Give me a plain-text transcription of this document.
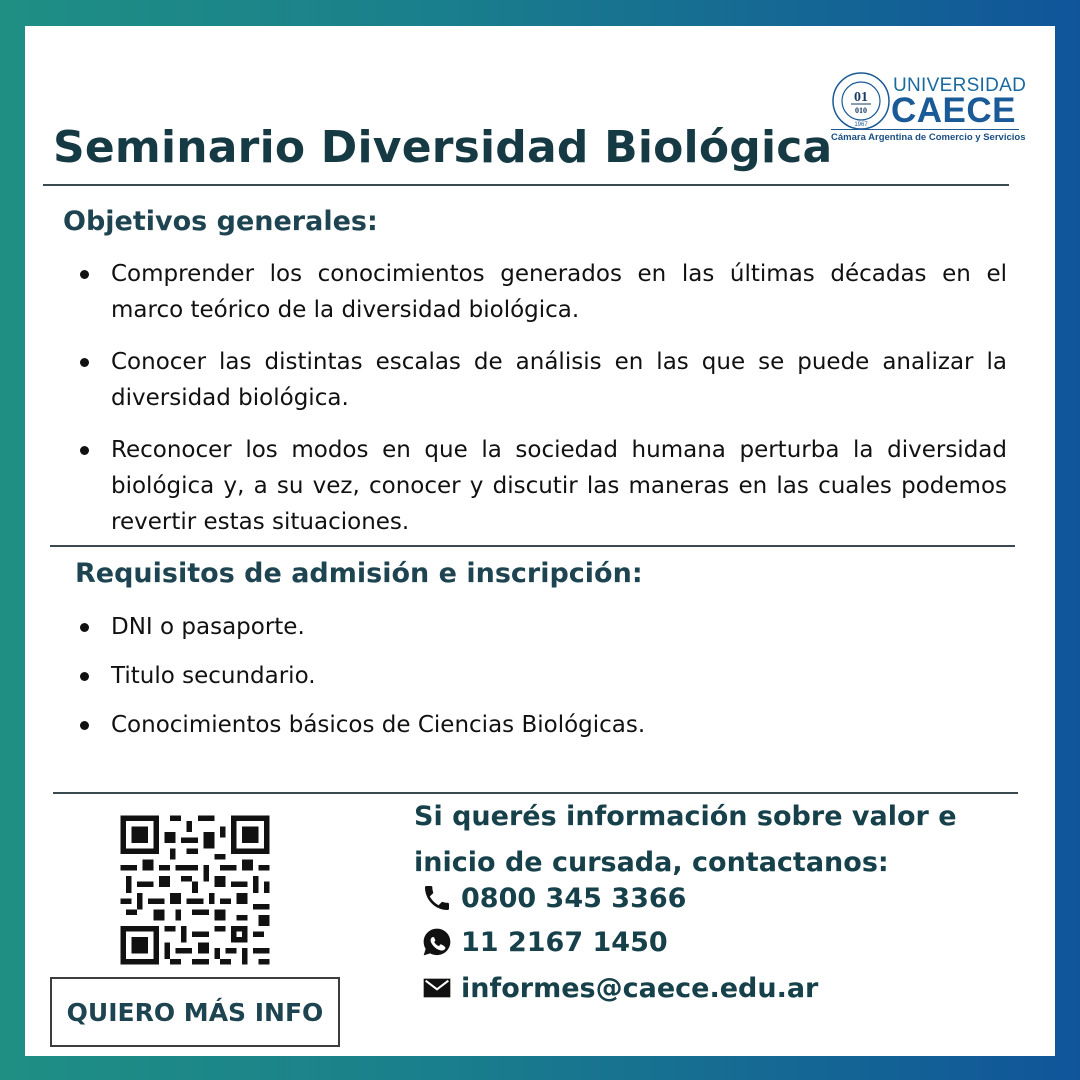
01
010
1967
UNIVERSIDAD
CAECE
Cámara Argentina de Comercio y Servicios
Seminario Diversidad Biológica
Objetivos generales:
Comprender los conocimientos generados en las últimas décadas en el marco teórico de la diversidad biológica.
Conocer las distintas escalas de análisis en las que se puede analizar la diversidad biológica.
Reconocer los modos en que la sociedad humana perturba la diversidad biológica y, a su vez, conocer y discutir las maneras en las cuales podemos revertir estas situaciones.
Requisitos de admisión e inscripción:
DNI o pasaporte.
Titulo secundario.
Conocimientos básicos de Ciencias Biológicas.
QUIERO MÁS INFO

Si querés información sobre valor e inicio de cursada, contactanos:

0800 345 3366
11 2167 1450
informes@caece.edu.ar
